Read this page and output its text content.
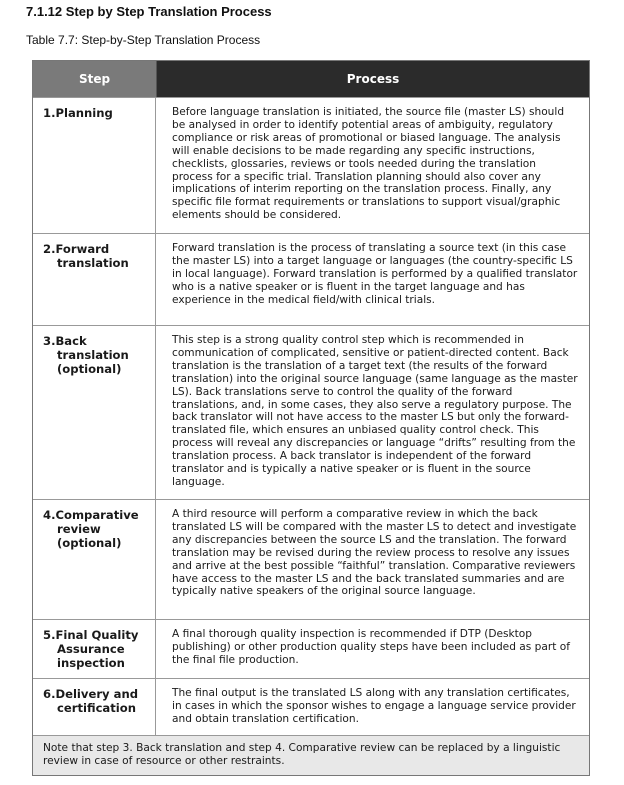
7.1.12 Step by Step Translation Process
Table 7.7: Step-by-Step Translation Process
Step	Process
1.Planning	Before language translation is initiated, the source file (master LS) should be analysed in order to identify potential areas of ambiguity, regulatory compliance or risk areas of promotional or biased language. The analysis will enable decisions to be made regarding any specific instructions, checklists, glossaries, reviews or tools needed during the translation process for a specific trial. Translation planning should also cover any implications of interim reporting on the translation process. Finally, any specific file format requirements or translations to support visual/graphic elements should be considered.
2.Forward
translation
Forward translation is the process of translating a source text (in this case the master LS) into a target language or languages (the country-specific LS in local language). Forward translation is performed by a qualified translator who is a native speaker or is fluent in the target language and has experience in the medical field/with clinical trials.
3.Back
translation
(optional)
This step is a strong quality control step which is recommended in communication of complicated, sensitive or patient-directed content. Back translation is the translation of a target text (the results of the forward translation) into the original source language (same language as the master LS). Back translations serve to control the quality of the forward translations, and, in some cases, they also serve a regulatory purpose. The back translator will not have access to the master LS but only the forward-translated file, which ensures an unbiased quality control check. This process will reveal any discrepancies or language “drifts” resulting from the translation process. A back translator is independent of the forward translator and is typically a native speaker or is fluent in the source language.
4.Comparative
review
(optional)
A third resource will perform a comparative review in which the back translated LS will be compared with the master LS to detect and investigate any discrepancies between the source LS and the translation. The forward translation may be revised during the review process to resolve any issues and arrive at the best possible “faithful” translation. Comparative reviewers have access to the master LS and the back translated summaries and are typically native speakers of the original source language.
5.Final Quality
Assurance
inspection
A final thorough quality inspection is recommended if DTP (Desktop publishing) or other production quality steps have been included as part of the final file production.
6.Delivery and
certification
The final output is the translated LS along with any translation certificates, in cases in which the sponsor wishes to engage a language service provider and obtain translation certification.
Note that step 3. Back translation and step 4. Comparative review can be replaced by a linguistic review in case of resource or other restraints.
